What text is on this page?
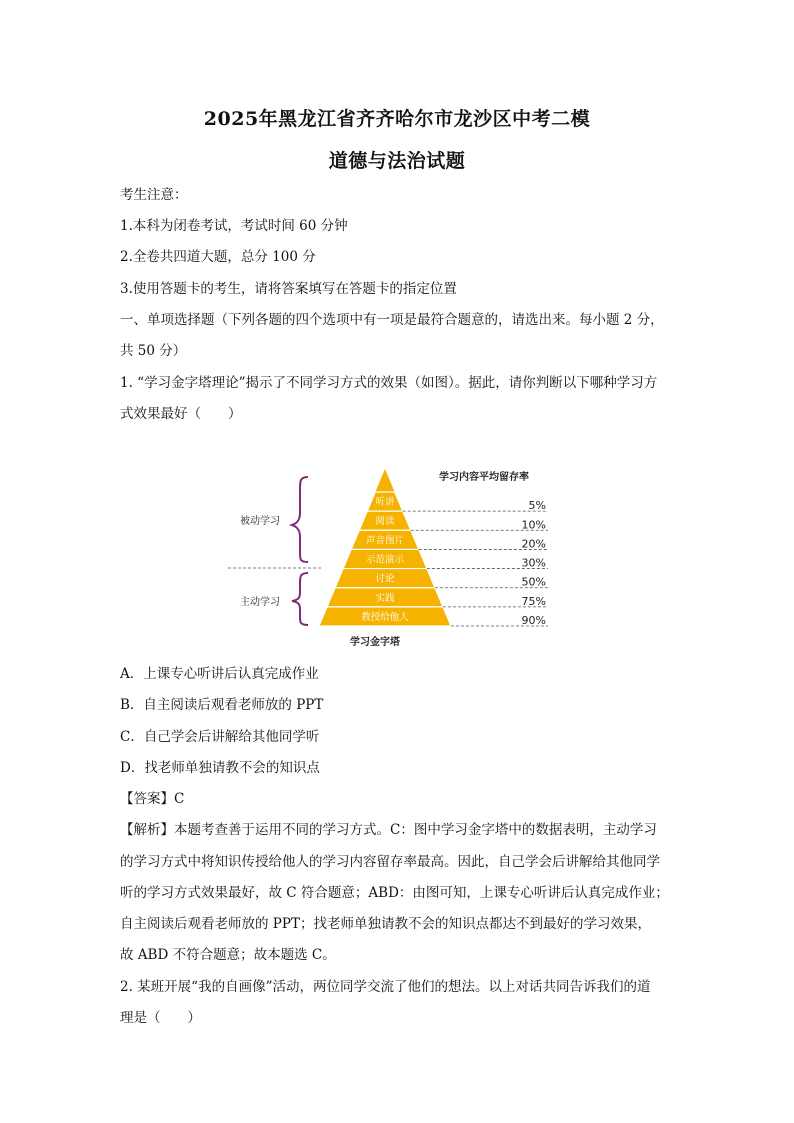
2025年黑龙江省齐齐哈尔市龙沙区中考二模
道德与法治试题
考生注意：
1.本科为闭卷考试，考试时间 60 分钟
2.全卷共四道大题，总分 100 分
3.使用答题卡的考生，请将答案填写在答题卡的指定位置
一、单项选择题（下列各题的四个选项中有一项是最符合题意的，请选出来。每小题 2 分，
共 50 分）
1. “学习金字塔理论”揭示了不同学习方式的效果（如图）。据此，请你判断以下哪种学习方
式效果最好（　　）
学习内容平均留存率
听讲
阅读
声音图片
示范演示
讨论
实践
教授给他人
5%
10%
20%
30%
50%
75%
90%
被动学习
主动学习
学习金字塔
A．上课专心听讲后认真完成作业
B．自主阅读后观看老师放的 PPT
C．自己学会后讲解给其他同学听
D．找老师单独请教不会的知识点
【答案】C
【解析】本题考查善于运用不同的学习方式。C：图中学习金字塔中的数据表明，主动学习
的学习方式中将知识传授给他人的学习内容留存率最高。因此，自己学会后讲解给其他同学
听的学习方式效果最好，故 C 符合题意；ABD：由图可知，上课专心听讲后认真完成作业；
自主阅读后观看老师放的 PPT；找老师单独请教不会的知识点都达不到最好的学习效果，
故 ABD 不符合题意；故本题选 C。
2. 某班开展“我的自画像”活动，两位同学交流了他们的想法。以上对话共同告诉我们的道
理是（　　）
